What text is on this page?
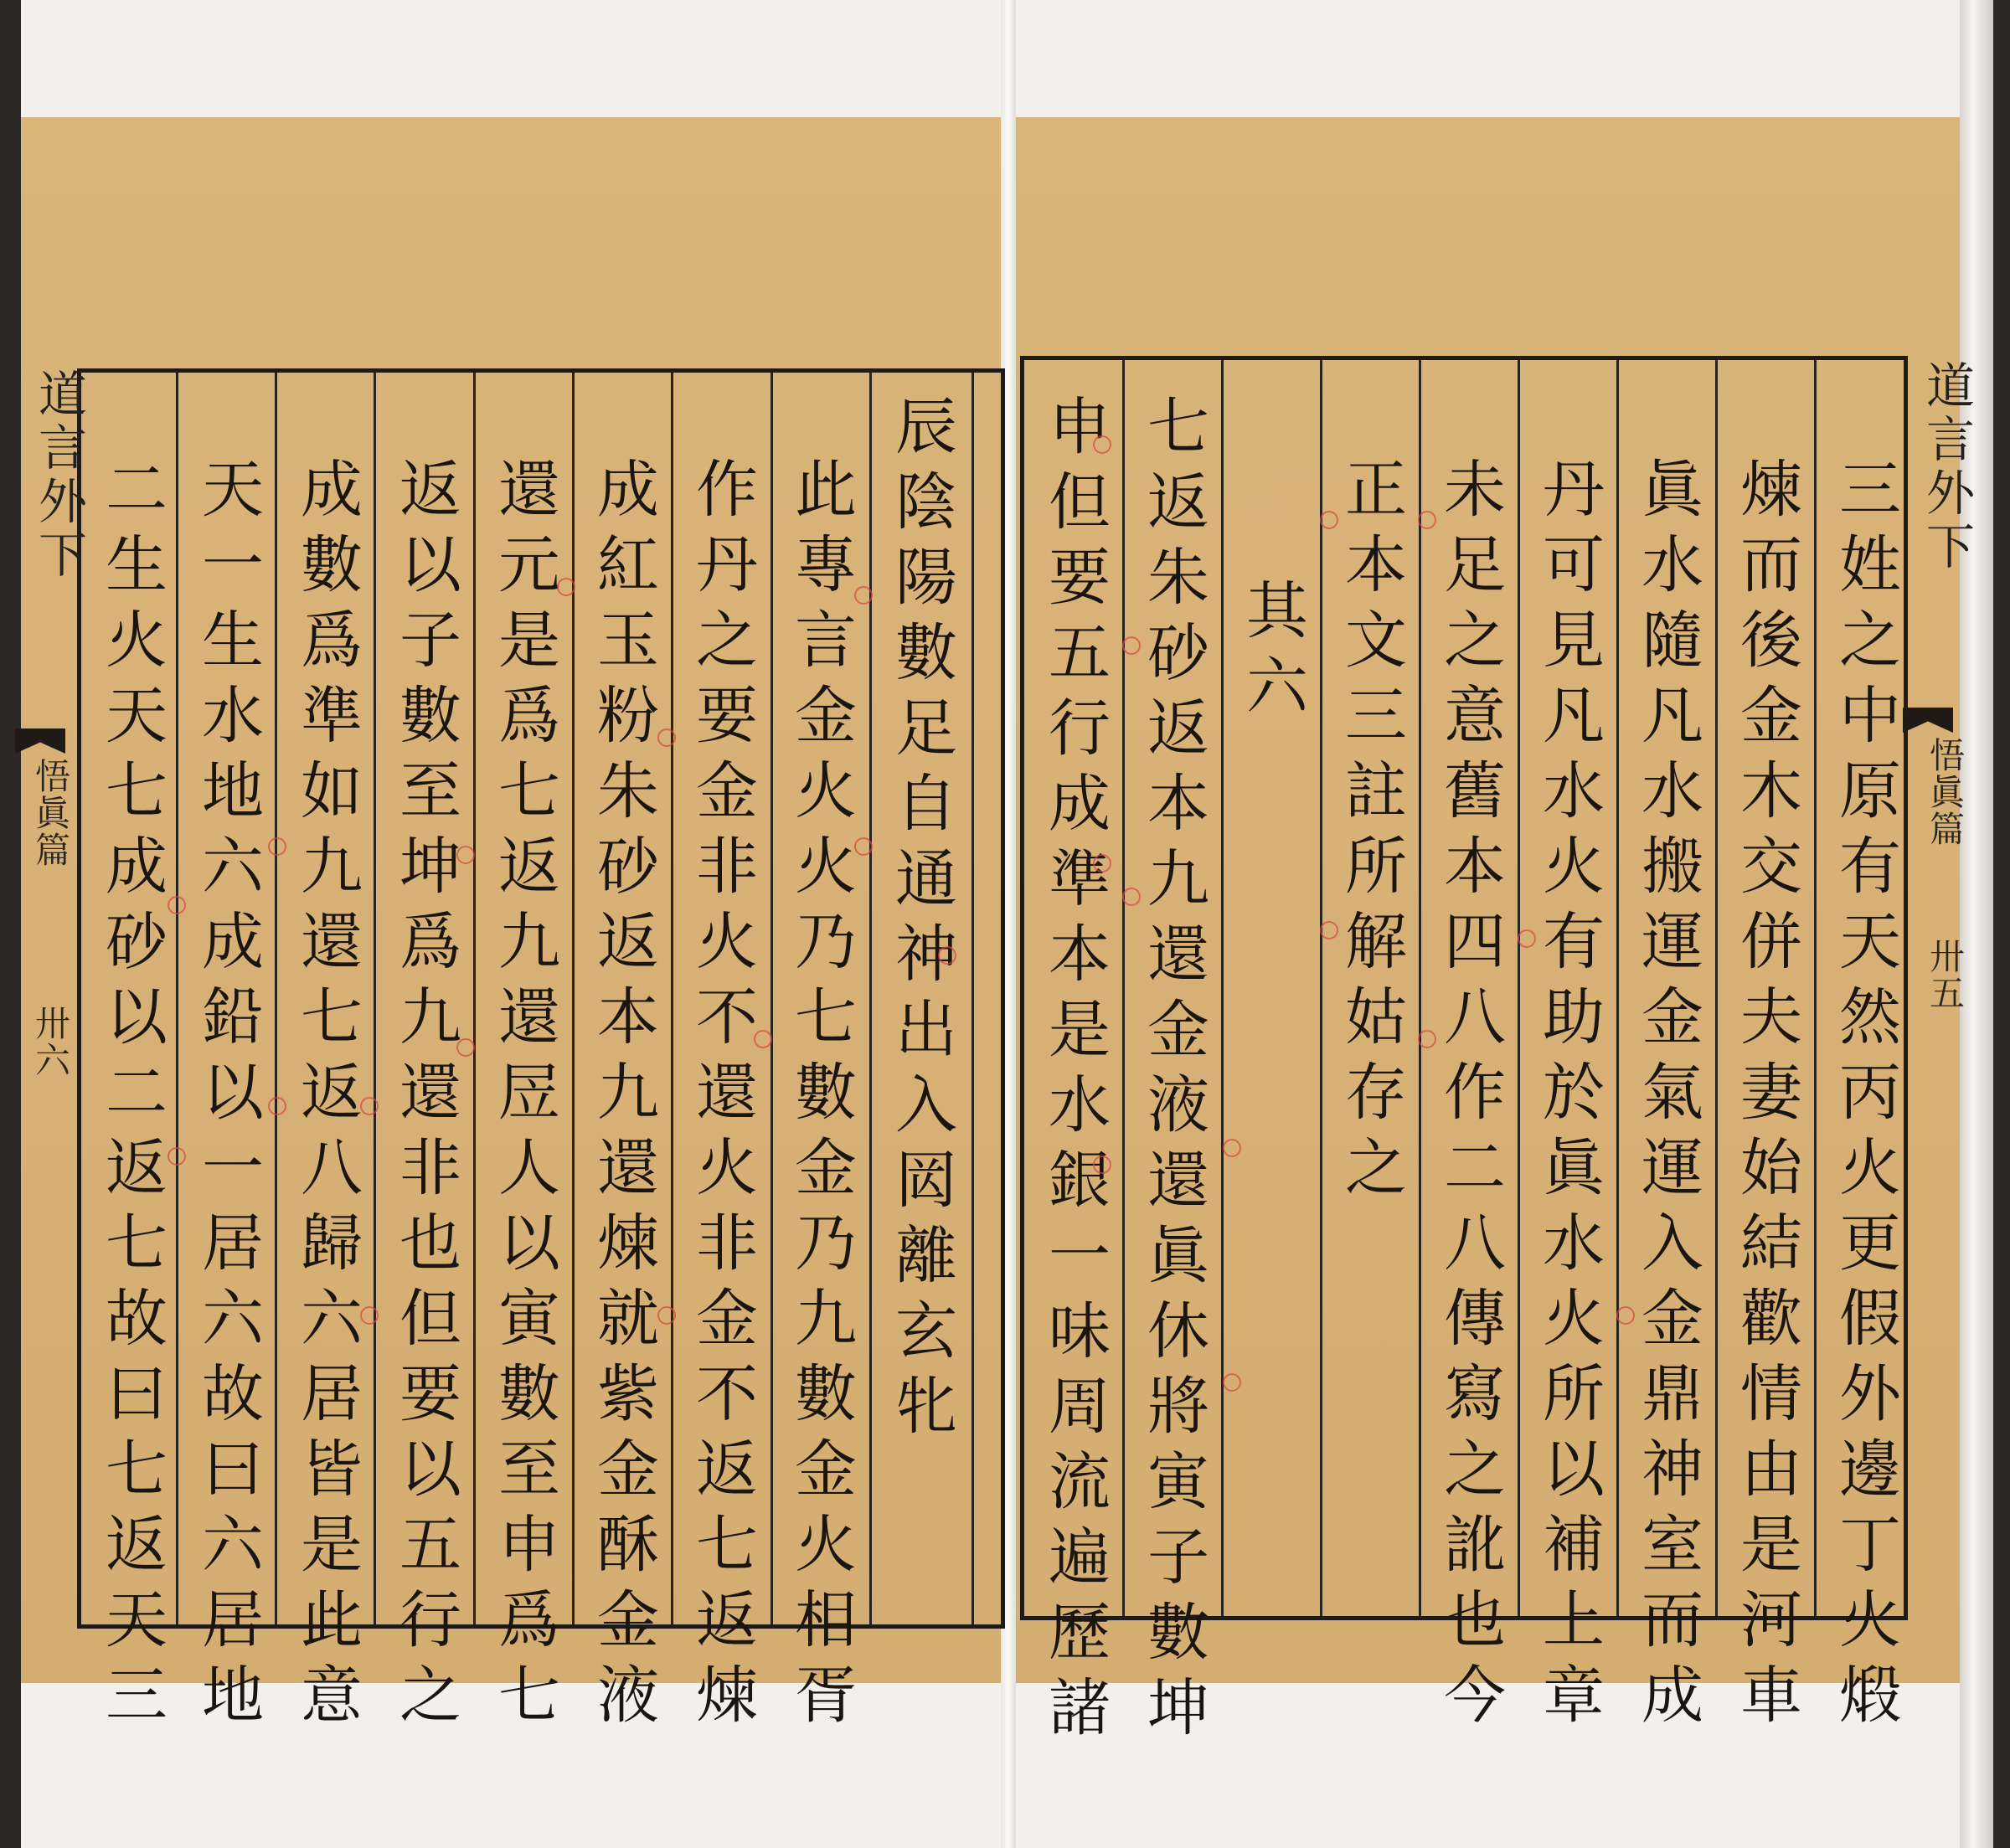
道言外下
悟眞篇
卅六
道言外下
悟眞篇
卅五
辰陰陽數足自通神出入㒺離玄牝
此專言金火火乃七數金乃九數金火相胥
作丹之要金非火不還火非金不返七返煉
成紅玉粉朱砂返本九還煉就紫金酥金液
還元是爲七返九還㞐人以寅數至申爲七
返以子數至坤爲九還非也但要以五行之
成數爲準如九還七返八歸六居皆是此意
天一生水地六成鉛以一居六故曰六居地
二生火天七成砂以二返七故曰七返天三	三姓之中原有天然丙火更假外邊丁火煅
煉而後金木交併夫妻始結歡情由是河車
眞水隨凡水搬運金氣運入金鼎神室而成
丹可見凡水火有助於眞水火所以補上章
未足之意舊本四八作二八傳寫之訛也今
正本文三註所解姑存之
其六
七返朱砂返本九還金液還眞休將寅子數坤
申但要五行成準本是水銀一味周流遍歷諸
